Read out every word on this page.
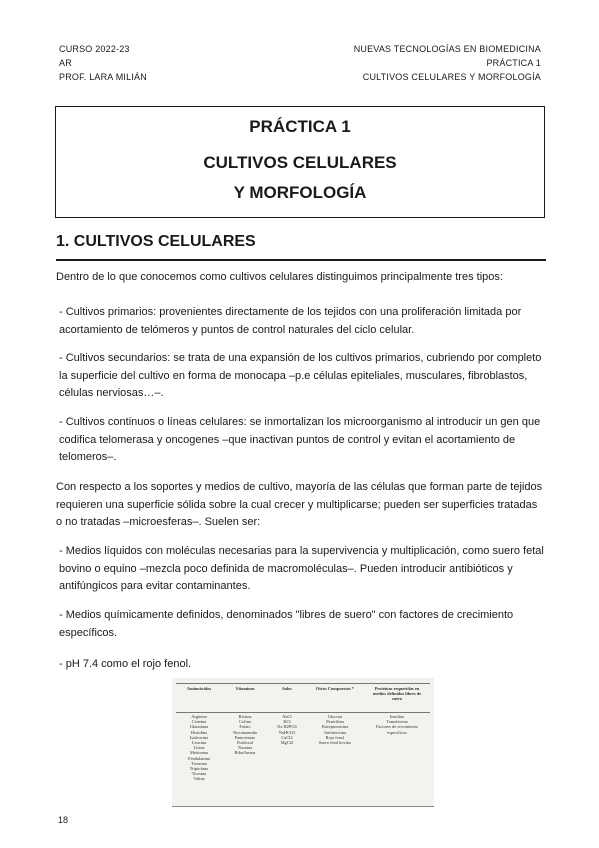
CURSO 2022-23
AR
PROF. LARA MILIÁN
NUEVAS TECNOLOGÍAS EN BIOMEDICINA
PRÁCTICA 1
CULTIVOS CELULARES Y MORFOLOGÍA
PRÁCTICA 1
CULTIVOS CELULARES
Y MORFOLOGÍA
1. CULTIVOS CELULARES
Dentro de lo que conocemos como cultivos celulares distinguimos principalmente tres tipos:
- Cultivos primarios: provenientes directamente de los tejidos con una proliferación limitada por acortamiento de telómeros y puntos de control naturales del ciclo celular.
- Cultivos secundarios: se trata de una expansión de los cultivos primarios, cubriendo por completo la superficie del cultivo en forma de monocapa –p.e células epiteliales, musculares, fibroblastos, células nerviosas…–.
- Cultivos continuos o líneas celulares: se inmortalizan los microorganismo al introducir un gen que codifica telomerasa y oncogenes –que inactivan puntos de control y evitan el acortamiento de telomeros–.
Con respecto a los soportes y medios de cultivo, mayoría de las células que forman parte de tejidos requieren una superficie sólida sobre la cual crecer y multiplicarse; pueden ser superficies tratadas o no tratadas –microesferas–. Suelen ser:
- Medios líquidos con moléculas necesarias para la supervivencia y multiplicación, como suero fetal bovino o equino –mezcla poco definida de macromoléculas–. Pueden introducir antibióticos y antifúngicos para evitar contaminantes.
- Medios químicamente definidos, denominados "libres de suero" con factores de crecimiento específicos.
- pH 7.4 como el rojo fenol.
Aminoácidos
Arginina
Cisteína
Glutamina
Histidina
Isoleucina
Leucina
Lisina
Metionina
Fenilalanina
Treonina
Triptofano
Tirosina
Valina
Vitaminas
Biotina
Colina
Folato
Nicotinamida
Pantotenato
Piridoxal
Tiamina
Riboflavina
Sales
NaCl
KCl
Na H2PO4
NaHCO3
CaCl2
MgCl2
Otros Compuestos *
Glucosa
Penicilina
Estreptomicina
Anfotericina
Rojo fenol
Suero fetal bovino
Proteínas requeridas en medios definidos libres de suero
Insulina
Transferrina
Factores de crecimiento específicos
18
